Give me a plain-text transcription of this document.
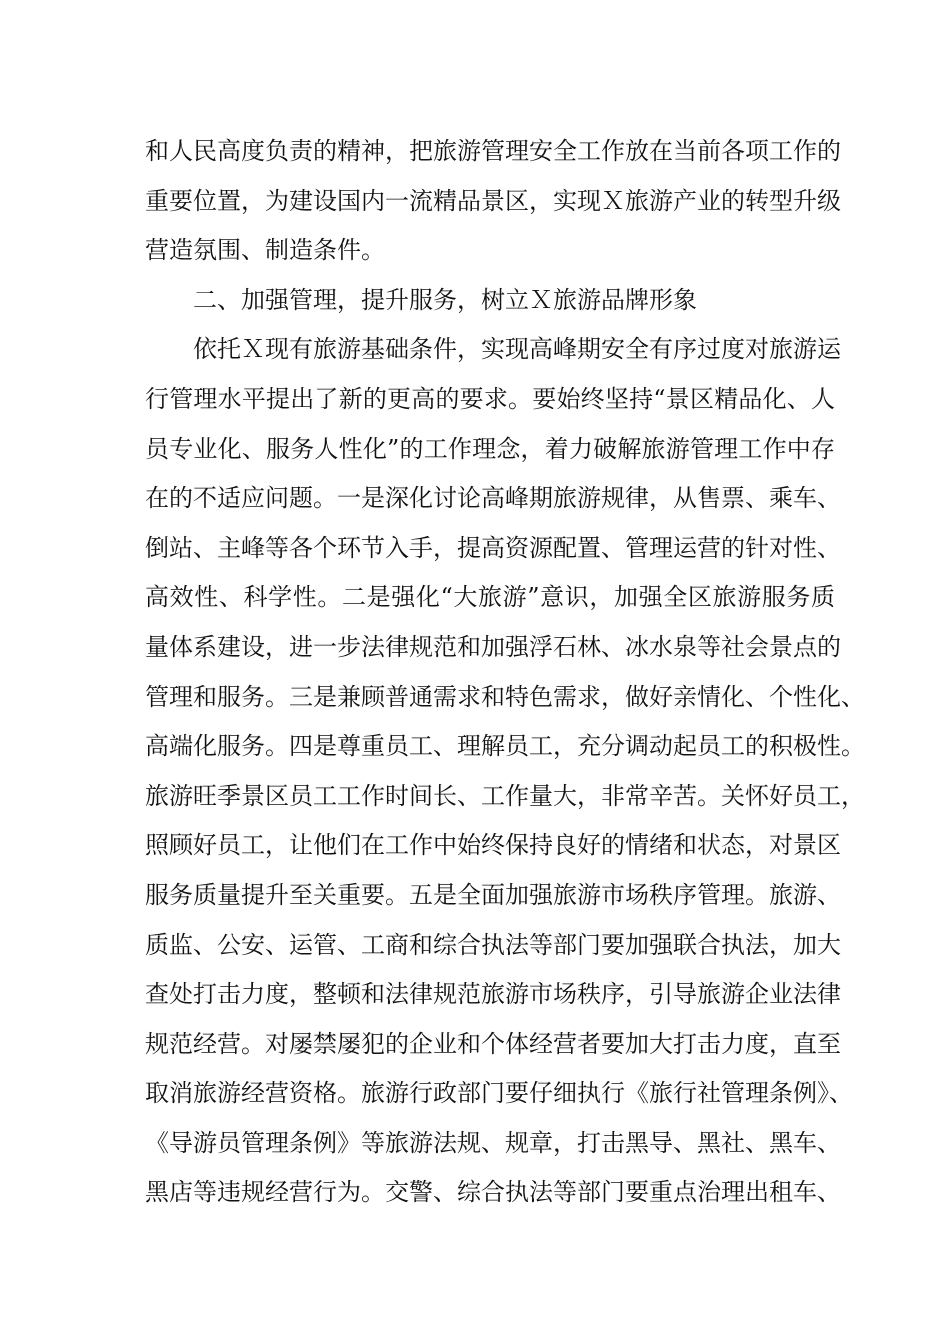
和人民高度负责的精神，把旅游管理安全工作放在当前各项工作的
重要位置，为建设国内一流精品景区，实现Ｘ旅游产业的转型升级
营造氛围、制造条件。
二、加强管理，提升服务，树立Ｘ旅游品牌形象
依托Ｘ现有旅游基础条件，实现高峰期安全有序过度对旅游运
行管理水平提出了新的更高的要求。要始终坚持“景区精品化、人
员专业化、服务人性化”的工作理念，着力破解旅游管理工作中存
在的不适应问题。一是深化讨论高峰期旅游规律，从售票、乘车、
倒站、主峰等各个环节入手，提高资源配置、管理运营的针对性、
高效性、科学性。二是强化“大旅游”意识，加强全区旅游服务质
量体系建设，进一步法律规范和加强浮石林、冰水泉等社会景点的
管理和服务。三是兼顾普通需求和特色需求，做好亲情化、个性化、
高端化服务。四是尊重员工、理解员工，充分调动起员工的积极性。
旅游旺季景区员工工作时间长、工作量大，非常辛苦。关怀好员工，
照顾好员工，让他们在工作中始终保持良好的情绪和状态，对景区
服务质量提升至关重要。五是全面加强旅游市场秩序管理。旅游、
质监、公安、运管、工商和综合执法等部门要加强联合执法，加大
查处打击力度，整顿和法律规范旅游市场秩序，引导旅游企业法律
规范经营。对屡禁屡犯的企业和个体经营者要加大打击力度，直至
取消旅游经营资格。旅游行政部门要仔细执行《旅行社管理条例》、
《导游员管理条例》等旅游法规、规章，打击黑导、黑社、黑车、
黑店等违规经营行为。交警、综合执法等部门要重点治理出租车、
